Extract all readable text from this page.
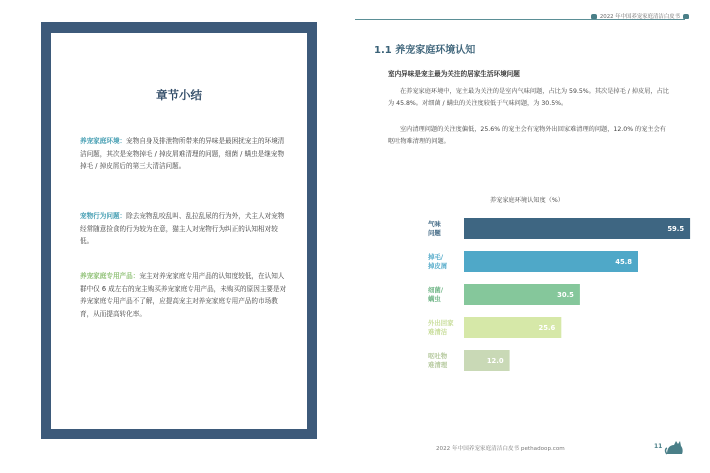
章节小结
养宠家庭环境：宠物自身及排泄物所带来的异味是最困扰宠主的环境清洁问题，其次是宠物掉毛 / 掉皮屑难清理的问题，细菌 / 螨虫是继宠物掉毛 / 掉皮屑后的第三大清洁问题。
宠物行为问题：除去宠物乱咬乱叫、乱拉乱尿的行为外，犬主人对宠物经常随意捡食的行为较为在意，猫主人对宠物行为纠正的认知相对较低。
养宠家庭专用产品：宠主对养宠家庭专用产品的认知度较低，在认知人群中仅 6 成左右的宠主购买养宠家庭专用产品，未购买的原因主要是对养宠家庭专用产品不了解，应提高宠主对养宠家庭专用产品的市场教育，从而提高转化率。
2022 年中国养宠家庭清洁白皮书
1.1 养宠家庭环境认知
室内异味是宠主最为关注的居家生活环境问题
在养宠家庭环境中，宠主最为关注的是室内气味问题，占比为 59.5%。其次是掉毛 / 掉皮屑，占比为 45.8%。对细菌 / 螨虫的关注度较低于气味问题，为 30.5%。
室内清理问题的关注度偏低，25.6% 的宠主会有宠物外出回家难清理的问题，12.0% 的宠主会有呕吐物难清理的问题。
养宠家庭环境认知度（%）
59.5
气味
问题
45.8
掉毛/
掉皮屑
30.5
细菌/
螨虫
25.6
外出回家
难清洁
12.0
呕吐物
难清理
2022 年中国养宠家庭清洁白皮书 pethadoop.com	11
